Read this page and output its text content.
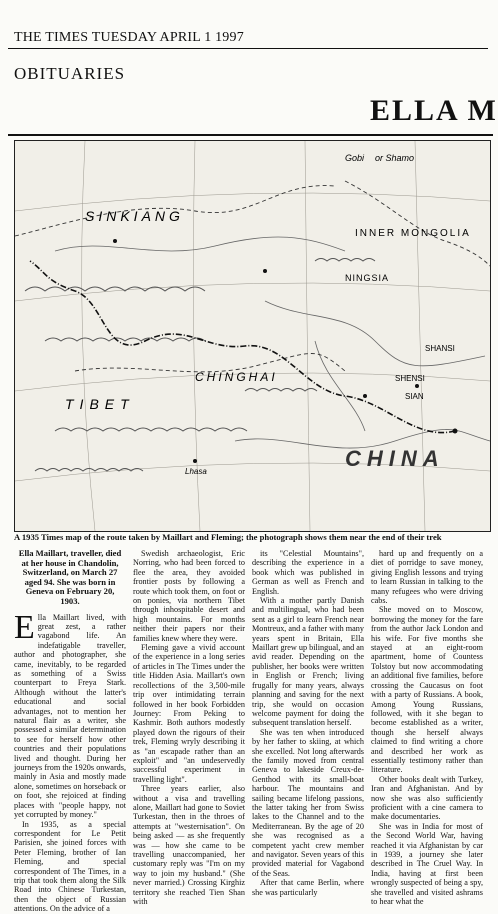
THE TIMES TUESDAY APRIL 1 1997
OBITUARIES
ELLA M
SINKIANG
TIBET
CHINA
INNER MONGOLIA
NINGSIA
CHINGHAI	SHENSI
SHANSI
SIAN
Lhasa
Gobi or Shamo
A 1935 Times map of the route taken by Maillart and Fleming; the photograph shows them near the end of their trek
Ella Maillart, traveller, died at her house in Chandolin, Switzerland, on March 27 aged 94. She was born in Geneva on February 20, 1903.

Ella Maillart lived, with great zest, a rather vagabond life. An indefatigable traveller, author and photographer, she came, inevitably, to be regarded as something of a Swiss counterpart to Freya Stark. Although without the latter's educational and social advantages, not to mention her natural flair as a writer, she possessed a similar determination to see for herself how other countries and their populations lived and thought. During her journeys from the 1920s onwards, mainly in Asia and mostly made alone, sometimes on horseback or on foot, she rejoiced at finding places with "people happy, not yet corrupted by money."

In 1935, as a special correspondent for Le Petit Parisien, she joined forces with Peter Fleming, brother of Ian Fleming, and special correspondent of The Times, in a trip that took them along the Silk Road into Chinese Turkestan, then the object of Russian attentions. On the advice of a

Swedish archaeologist, Eric Norring, who had been forced to flee the area, they avoided frontier posts by following a route which took them, on foot or on ponies, via northern Tibet through inhospitable desert and high mountains. For months neither their papers nor their families knew where they were.

Fleming gave a vivid account of the experience in a long series of articles in The Times under the title Hidden Asia. Maillart's own recollections of the 3,500-mile trip over intimidating terrain followed in her book Forbidden Journey: From Peking to Kashmir. Both authors modestly played down the rigours of their trek, Fleming wryly describing it as "an escapade rather than an exploit" and "an undeservedly successful experiment in travelling light".

Three years earlier, also without a visa and travelling alone, Maillart had gone to Soviet Turkestan, then in the throes of attempts at "westernisation". On being asked — as she frequently was — how she came to be travelling unaccompanied, her customary reply was "I'm on my way to join my husband." (She never married.) Crossing Kirghiz territory she reached Tien Shan with

its "Celestial Mountains", describing the experience in a book which was published in German as well as French and English.

With a mother partly Danish and multilingual, who had been sent as a girl to learn French near Montreux, and a father with many years spent in Britain, Ella Maillart grew up bilingual, and an avid reader. Depending on the publisher, her books were written in English or French; living frugally for many years, always planning and saving for the next trip, she would on occasion welcome payment for doing the subsequent translation herself.

She was ten when introduced by her father to skiing, at which she excelled. Not long afterwards the family moved from central Geneva to lakeside Creux-de-Genthod with its small-boat harbour. The mountains and sailing became lifelong passions, the latter taking her from Swiss lakes to the Channel and to the Mediterranean. By the age of 20 she was recognised as a competent yacht crew member and navigator. Seven years of this provided material for Vagabond of the Seas.

After that came Berlin, where she was particularly

hard up and frequently on a diet of porridge to save money, giving English lessons and trying to learn Russian in talking to the many refugees who were driving cabs.

She moved on to Moscow, borrowing the money for the fare from the author Jack London and his wife. For five months she stayed at an eight-room apartment, home of Countess Tolstoy but now accommodating an additional five families, before crossing the Caucasus on foot with a party of Russians. A book, Among Young Russians, followed, with it she began to become established as a writer, though she herself always claimed to find writing a chore and described her work as essentially testimony rather than literature.

Other books dealt with Turkey, Iran and Afghanistan. And by now she was also sufficiently proficient with a cine camera to make documentaries.

She was in India for most of the Second World War, having reached it via Afghanistan by car in 1939, a journey she later described in The Cruel Way. In India, having at first been wrongly suspected of being a spy, she travelled and visited ashrams to hear what the
